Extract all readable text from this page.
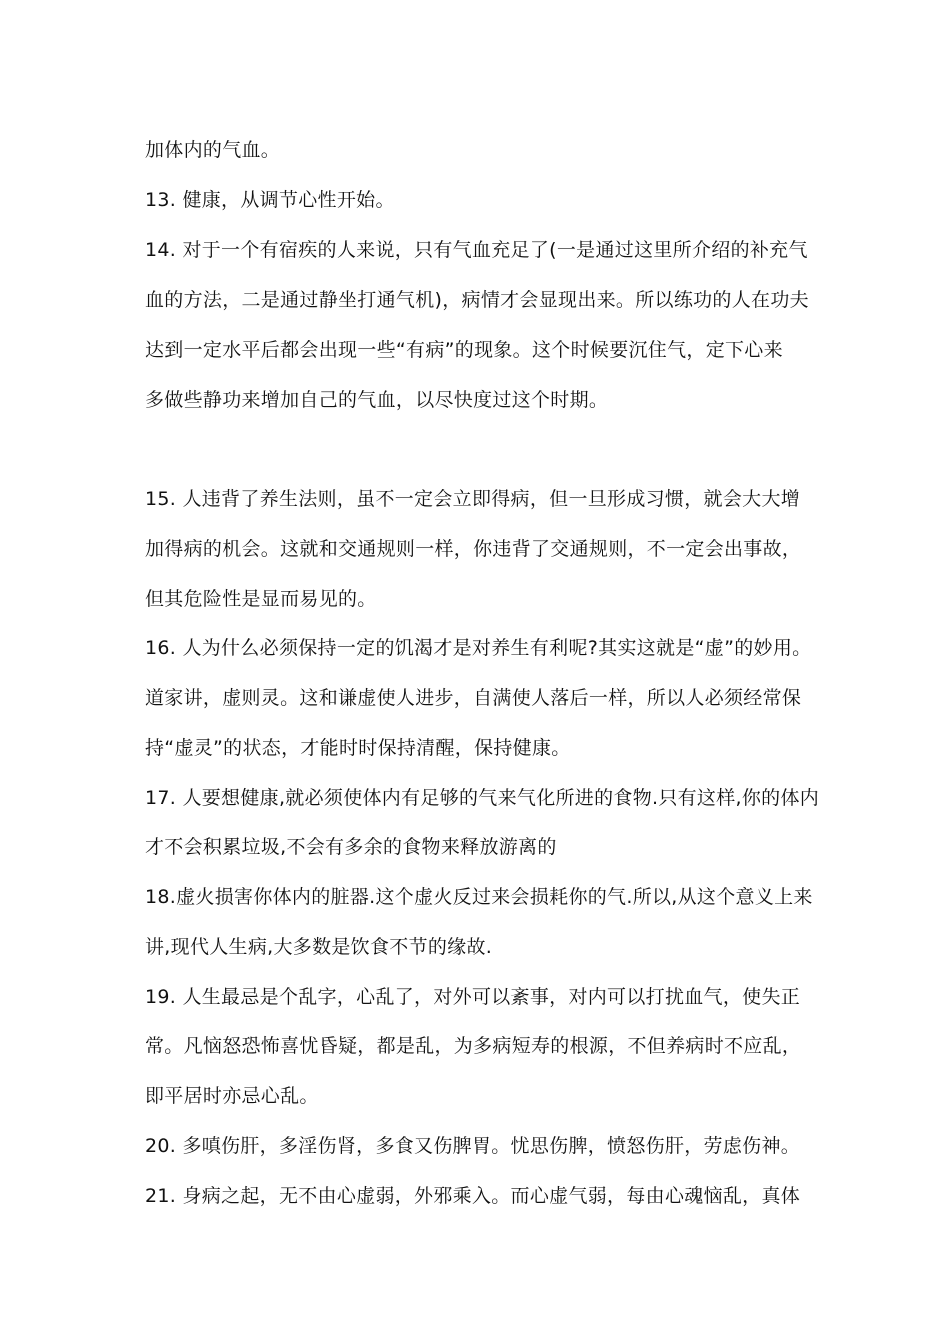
加体内的气血。
13. 健康，从调节心性开始。
14. 对于一个有宿疾的人来说，只有气血充足了(一是通过这里所介绍的补充气
血的方法，二是通过静坐打通气机)，病情才会显现出来。所以练功的人在功夫
达到一定水平后都会出现一些“有病”的现象。这个时候要沉住气，定下心来
多做些静功来增加自己的气血，以尽快度过这个时期。
15. 人违背了养生法则，虽不一定会立即得病，但一旦形成习惯，就会大大增
加得病的机会。这就和交通规则一样，你违背了交通规则，不一定会出事故，
但其危险性是显而易见的。
16. 人为什么必须保持一定的饥渴才是对养生有利呢?其实这就是“虚”的妙用。
道家讲，虚则灵。这和谦虚使人进步，自满使人落后一样，所以人必须经常保
持“虚灵”的状态，才能时时保持清醒，保持健康。
17. 人要想健康,就必须使体内有足够的气来气化所进的食物.只有这样,你的体内
才不会积累垃圾,不会有多余的食物来释放游离的
18.虚火损害你体内的脏器.这个虚火反过来会损耗你的气.所以,从这个意义上来
讲,现代人生病,大多数是饮食不节的缘故.
19. 人生最忌是个乱字，心乱了，对外可以紊事，对内可以打扰血气，使失正
常。凡恼怒恐怖喜忧昏疑，都是乱，为多病短寿的根源，不但养病时不应乱，
即平居时亦忌心乱。
20. 多嗔伤肝，多淫伤肾，多食又伤脾胃。忧思伤脾，愤怒伤肝，劳虑伤神。
21. 身病之起，无不由心虚弱，外邪乘入。而心虚气弱，每由心魂恼乱，真体
